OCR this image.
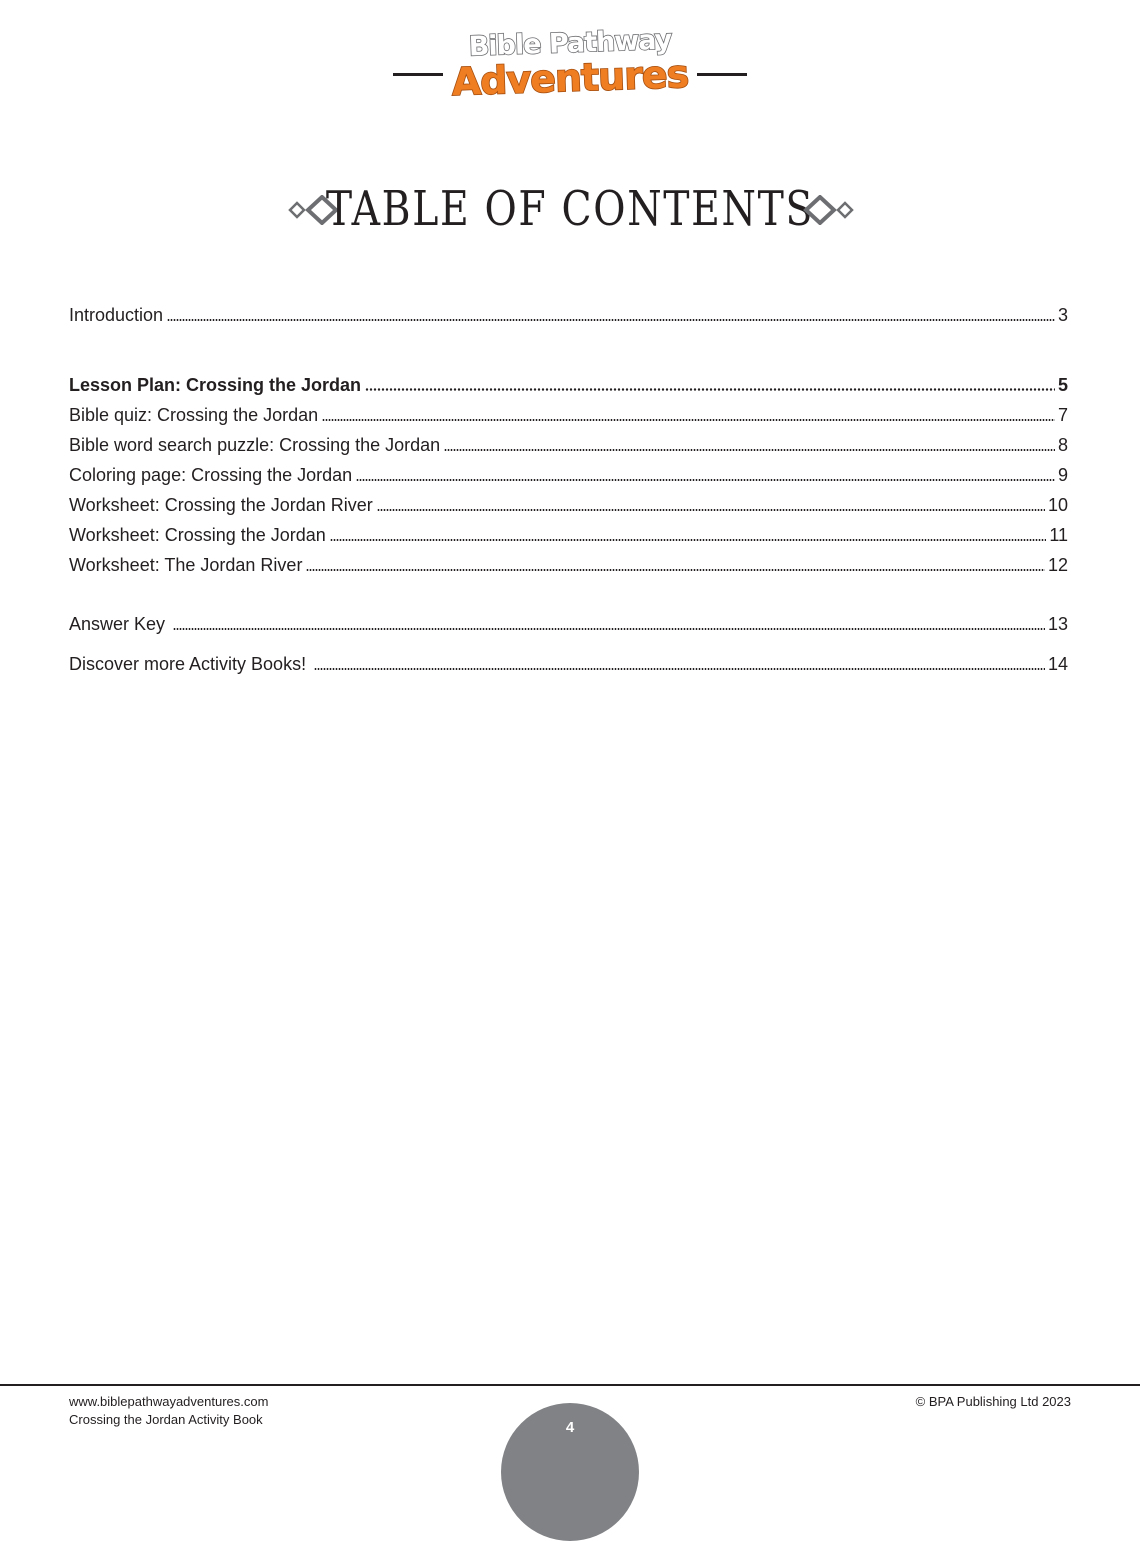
Bible Pathway
Adventures
TABLE OF CONTENTS
Introduction	3
Lesson Plan: Crossing the Jordan	5
Bible quiz: Crossing the Jordan	7
Bible word search puzzle: Crossing the Jordan	8
Coloring page: Crossing the Jordan	9
Worksheet: Crossing the Jordan River	10
Worksheet: Crossing the Jordan	11
Worksheet: The Jordan River	12
Answer Key	13
Discover more Activity Books!	14
www.biblepathwayadventures.com
Crossing the Jordan Activity Book
© BPA Publishing Ltd 2023
4
